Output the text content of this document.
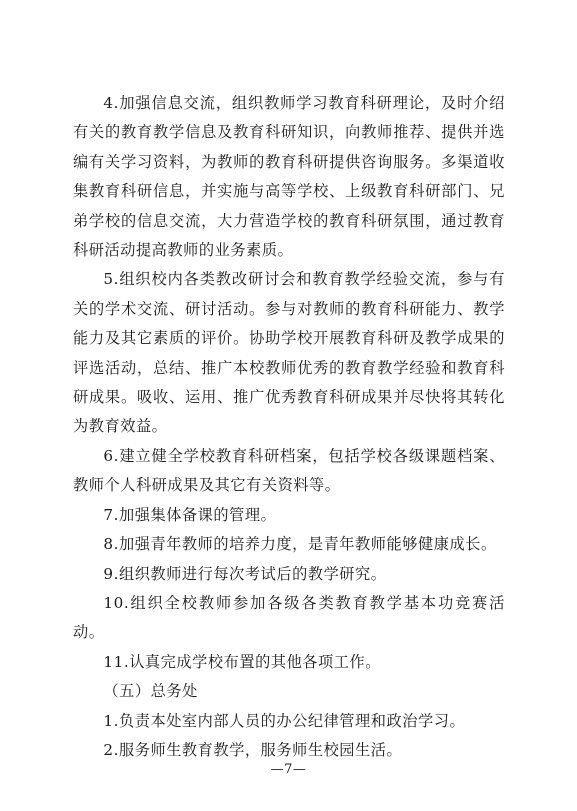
4.加强信息交流，组织教师学习教育科研理论，及时介绍有关的教育教学信息及教育科研知识，向教师推荐、提供并选编有关学习资料，为教师的教育科研提供咨询服务。多渠道收集教育科研信息，并实施与高等学校、上级教育科研部门、兄弟学校的信息交流，大力营造学校的教育科研氛围，通过教育科研活动提高教师的业务素质。

5.组织校内各类教改研讨会和教育教学经验交流，参与有关的学术交流、研讨活动。参与对教师的教育科研能力、教学能力及其它素质的评价。协助学校开展教育科研及教学成果的评选活动，总结、推广本校教师优秀的教育教学经验和教育科研成果。吸收、运用、推广优秀教育科研成果并尽快将其转化为教育效益。

6.建立健全学校教育科研档案，包括学校各级课题档案、教师个人科研成果及其它有关资料等。

7.加强集体备课的管理。

8.加强青年教师的培养力度，是青年教师能够健康成长。

9.组织教师进行每次考试后的教学研究。

10.组织全校教师参加各级各类教育教学基本功竞赛活动。

11.认真完成学校布置的其他各项工作。

（五）总务处

1.负责本处室内部人员的办公纪律管理和政治学习。

2.服务师生教育教学，服务师生校园生活。

—7—
